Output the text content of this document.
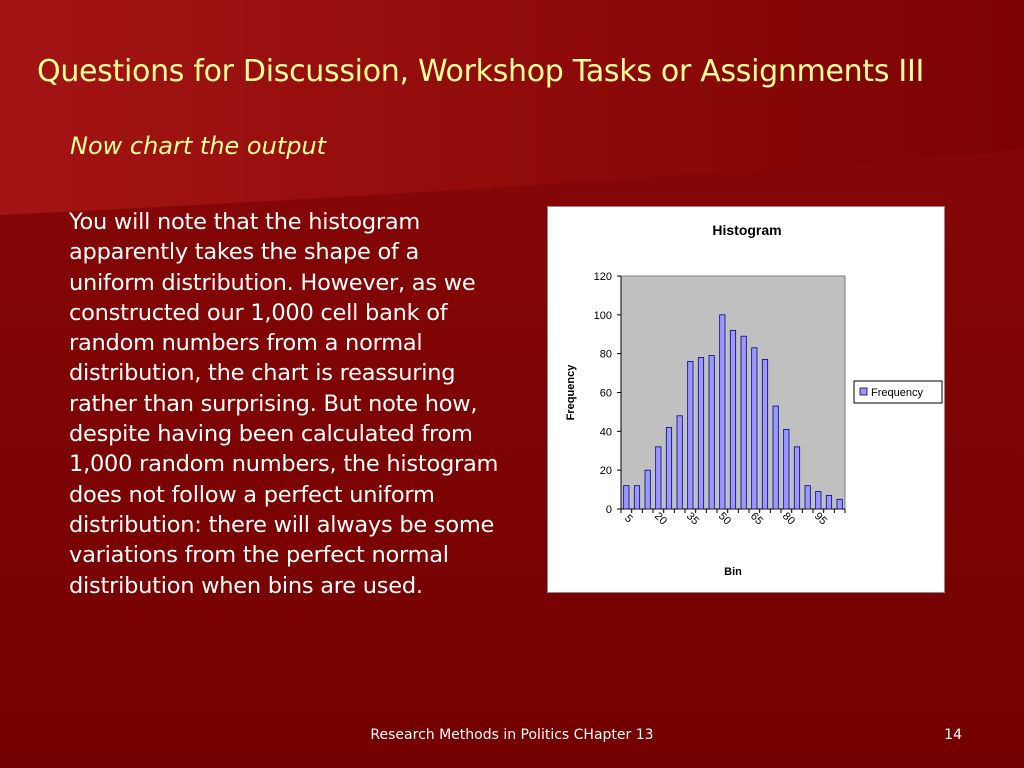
Questions for Discussion, Workshop Tasks or Assignments III
Now chart the output
You will note that the histogram apparently takes the shape of a uniform distribution. However, as we constructed our 1,000 cell bank of random numbers from a normal distribution, the chart is reassuring rather than surprising. But note how, despite having been calculated from 1,000 random numbers, the histogram does not follow a perfect uniform distribution: there will always be some variations from the perfect normal distribution when bins are used.
Histogram
0
20
40
60
80
100
120
Frequency
5 20 35 50 65 80 95
Bin
Frequency
Research Methods in Politics CHapter 13	14
